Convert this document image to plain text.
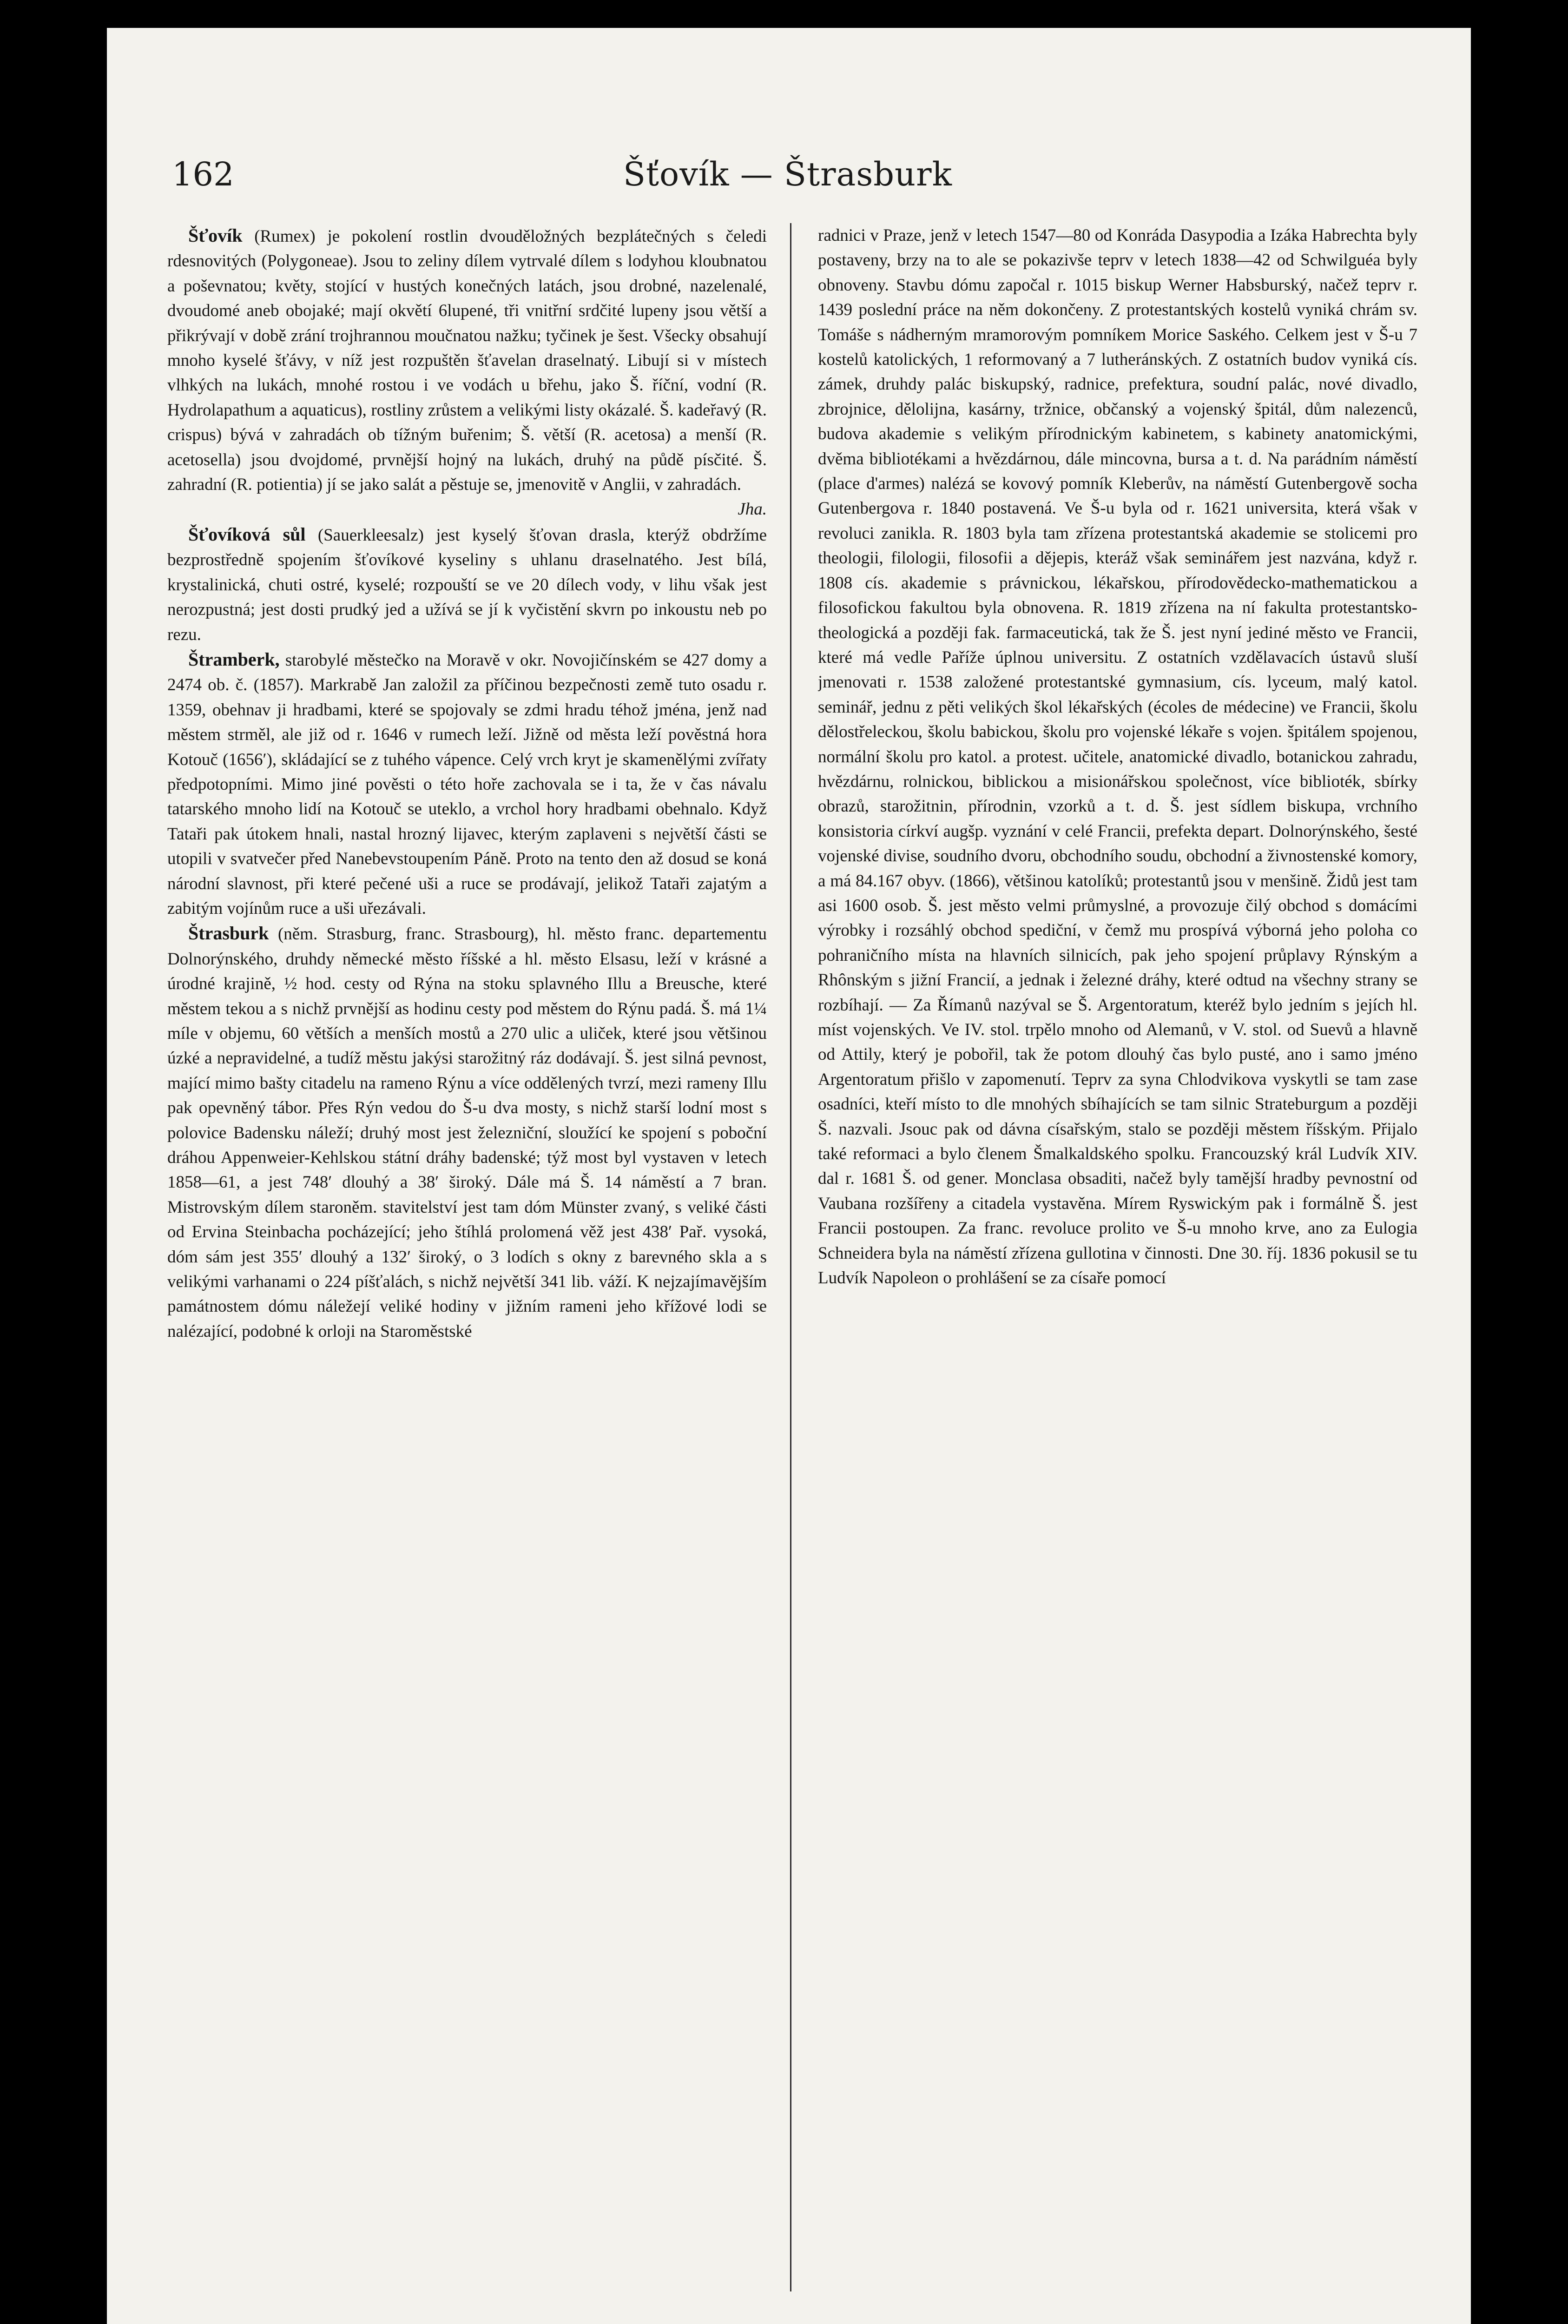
162	Šťovík — Štrasburk

Šťovík (Rumex) je pokolení rostlin dvouděložných bezplátečných s čeledi rdesnovitých (Polygoneae). Jsou to zeliny dílem vytrvalé dílem s lodyhou kloubnatou a poševnatou; květy, stojící v hustých konečných latách, jsou drobné, nazelenalé, dvoudomé aneb obojaké; mají okvětí 6lupené, tři vnitřní srdčité lupeny jsou větší a přikrývají v době zrání trojhrannou moučnatou nažku; tyčinek je šest. Všecky obsahují mnoho kyselé šťávy, v níž jest rozpuštěn šťavelan draselnatý. Libují si v místech vlhkých na lukách, mnohé rostou i ve vodách u břehu, jako Š. říční, vodní (R. Hydrolapathum a aquaticus), rostliny zrůstem a velikými listy okázalé. Š. kadeřavý (R. crispus) bývá v zahradách ob tížným buřenim; Š. větší (R. acetosa) a menší (R. acetosella) jsou dvojdomé, prvnější hojný na lukách, druhý na půdě písčité. Š. zahradní (R. potientia) jí se jako salát a pěstuje se, jmenovitě v Anglii, v zahradách.

Jha.

Šťovíková sůl (Sauerkleesalz) jest kyselý šťovan drasla, kterýž obdržíme bezprostředně spojením šťovíkové kyseliny s uhlanu draselnatého. Jest bílá, krystalinická, chuti ostré, kyselé; rozpouští se ve 20 dílech vody, v lihu však jest nerozpustná; jest dosti prudký jed a užívá se jí k vyčistění skvrn po inkoustu neb po rezu.

Štramberk, starobylé městečko na Moravě v okr. Novojičínském se 427 domy a 2474 ob. č. (1857). Markrabě Jan založil za příčinou bezpečnosti země tuto osadu r. 1359, obehnav ji hradbami, které se spojovaly se zdmi hradu téhož jména, jenž nad městem strměl, ale již od r. 1646 v rumech leží. Jižně od města leží pověstná hora Kotouč (1656′), skládající se z tuhého vápence. Celý vrch kryt je skamenělými zvířaty předpotopními. Mimo jiné pověsti o této hoře zachovala se i ta, že v čas návalu tatarského mnoho lidí na Kotouč se uteklo, a vrchol hory hradbami obehnalo. Když Tataři pak útokem hnali, nastal hrozný lijavec, kterým zaplaveni s největší části se utopili v svatvečer před Nanebevstoupením Páně. Proto na tento den až dosud se koná národní slavnost, při které pečené uši a ruce se prodávají, jelikož Tataři zajatým a zabitým vojínům ruce a uši uřezávali.

Štrasburk (něm. Strasburg, franc. Strasbourg), hl. město franc. departementu Dolnorýnského, druhdy německé město říšské a hl. město Elsasu, leží v krásné a úrodné krajině, ½ hod. cesty od Rýna na stoku splavného Illu a Breusche, které městem tekou a s nichž prvnější as hodinu cesty pod městem do Rýnu padá. Š. má 1¼ míle v objemu, 60 větších a menších mostů a 270 ulic a uliček, které jsou většinou úzké a nepravidelné, a tudíž městu jakýsi starožitný ráz dodávají. Š. jest silná pevnost, mající mimo bašty citadelu na rameno Rýnu a více oddělených tvrzí, mezi rameny Illu pak opevněný tábor. Přes Rýn vedou do Š-u dva mosty, s nichž starší lodní most s polovice Badensku náleží; druhý most jest železniční, sloužící ke spojení s poboční dráhou Appenweier-Kehlskou státní dráhy badenské; týž most byl vystaven v letech 1858—61, a jest 748′ dlouhý a 38′ široký. Dále má Š. 14 náměstí a 7 bran. Mistrovským dílem staroněm. stavitelství jest tam dóm Münster zvaný, s veliké části od Ervina Steinbacha pocházející; jeho štíhlá prolomená věž jest 438′ Pař. vysoká, dóm sám jest 355′ dlouhý a 132′ široký, o 3 lodích s okny z barevného skla a s velikými varhanami o 224 píšťalách, s nichž největší 341 lib. váží. K nejzajímavějším památnostem dómu náležejí veliké hodiny v jižním rameni jeho křížové lodi se nalézající, podobné k orloji na Staroměstské

radnici v Praze, jenž v letech 1547—80 od Konráda Dasypodia a Izáka Habrechta byly postaveny, brzy na to ale se pokazivše teprv v letech 1838—42 od Schwilguéa byly obnoveny. Stavbu dómu započal r. 1015 biskup Werner Habsburský, načež teprv r. 1439 poslední práce na něm dokončeny. Z protestantských kostelů vyniká chrám sv. Tomáše s nádherným mramorovým pomníkem Morice Saského. Celkem jest v Š-u 7 kostelů katolických, 1 reformovaný a 7 lutheránských. Z ostatních budov vyniká cís. zámek, druhdy palác biskupský, radnice, prefektura, soudní palác, nové divadlo, zbrojnice, dělolijna, kasárny, tržnice, občanský a vojenský špitál, dům nalezenců, budova akademie s velikým přírodnickým kabinetem, s kabinety anatomickými, dvěma bibliotékami a hvězdárnou, dále mincovna, bursa a t. d. Na parádním náměstí (place d'armes) nalézá se kovový pomník Kleberův, na náměstí Gutenbergově socha Gutenbergova r. 1840 postavená. Ve Š-u byla od r. 1621 universita, která však v revoluci zanikla. R. 1803 byla tam zřízena protestantská akademie se stolicemi pro theologii, filologii, filosofii a dějepis, kteráž však seminářem jest nazvána, když r. 1808 cís. akademie s právnickou, lékařskou, přírodovědecko-mathematickou a filosofickou fakultou byla obnovena. R. 1819 zřízena na ní fakulta protestantsko-theologická a později fak. farmaceutická, tak že Š. jest nyní jediné město ve Francii, které má vedle Paříže úplnou universitu. Z ostatních vzdělavacích ústavů sluší jmenovati r. 1538 založené protestantské gymnasium, cís. lyceum, malý katol. seminář, jednu z pěti velikých škol lékařských (écoles de médecine) ve Francii, školu dělostřeleckou, školu babickou, školu pro vojenské lékaře s vojen. špitálem spojenou, normální školu pro katol. a protest. učitele, anatomické divadlo, botanickou zahradu, hvězdárnu, rolnickou, biblickou a misionářskou společnost, více biblioték, sbírky obrazů, starožitnin, přírodnin, vzorků a t. d. Š. jest sídlem biskupa, vrchního konsistoria církví augšp. vyznání v celé Francii, prefekta depart. Dolnorýnského, šesté vojenské divise, soudního dvoru, obchodního soudu, obchodní a živnostenské komory, a má 84.167 obyv. (1866), většinou katolíků; protestantů jsou v menšině. Židů jest tam asi 1600 osob. Š. jest město velmi průmyslné, a provozuje čilý obchod s domácími výrobky i rozsáhlý obchod spediční, v čemž mu prospívá výborná jeho poloha co pohraničního místa na hlavních silnicích, pak jeho spojení průplavy Rýnským a Rhônským s jižní Francií, a jednak i železné dráhy, které odtud na všechny strany se rozbíhají. — Za Římanů nazýval se Š. Argentoratum, kteréž bylo jedním s jejích hl. míst vojenských. Ve IV. stol. trpělo mnoho od Alemanů, v V. stol. od Suevů a hlavně od Attily, který je pobořil, tak že potom dlouhý čas bylo pusté, ano i samo jméno Argentoratum přišlo v zapomenutí. Teprv za syna Chlodvikova vyskytli se tam zase osadníci, kteří místo to dle mnohých sbíhajících se tam silnic Strateburgum a později Š. nazvali. Jsouc pak od dávna císařským, stalo se později městem říšským. Přijalo také reformaci a bylo členem Šmalkaldského spolku. Francouzský král Ludvík XIV. dal r. 1681 Š. od gener. Monclasa obsaditi, načež byly tamější hradby pevnostní od Vaubana rozšířeny a citadela vystavěna. Mírem Ryswickým pak i formálně Š. jest Francii postoupen. Za franc. revoluce prolito ve Š-u mnoho krve, ano za Eulogia Schneidera byla na náměstí zřízena gullotina v činnosti. Dne 30. říj. 1836 pokusil se tu Ludvík Napoleon o prohlášení se za císaře pomocí
